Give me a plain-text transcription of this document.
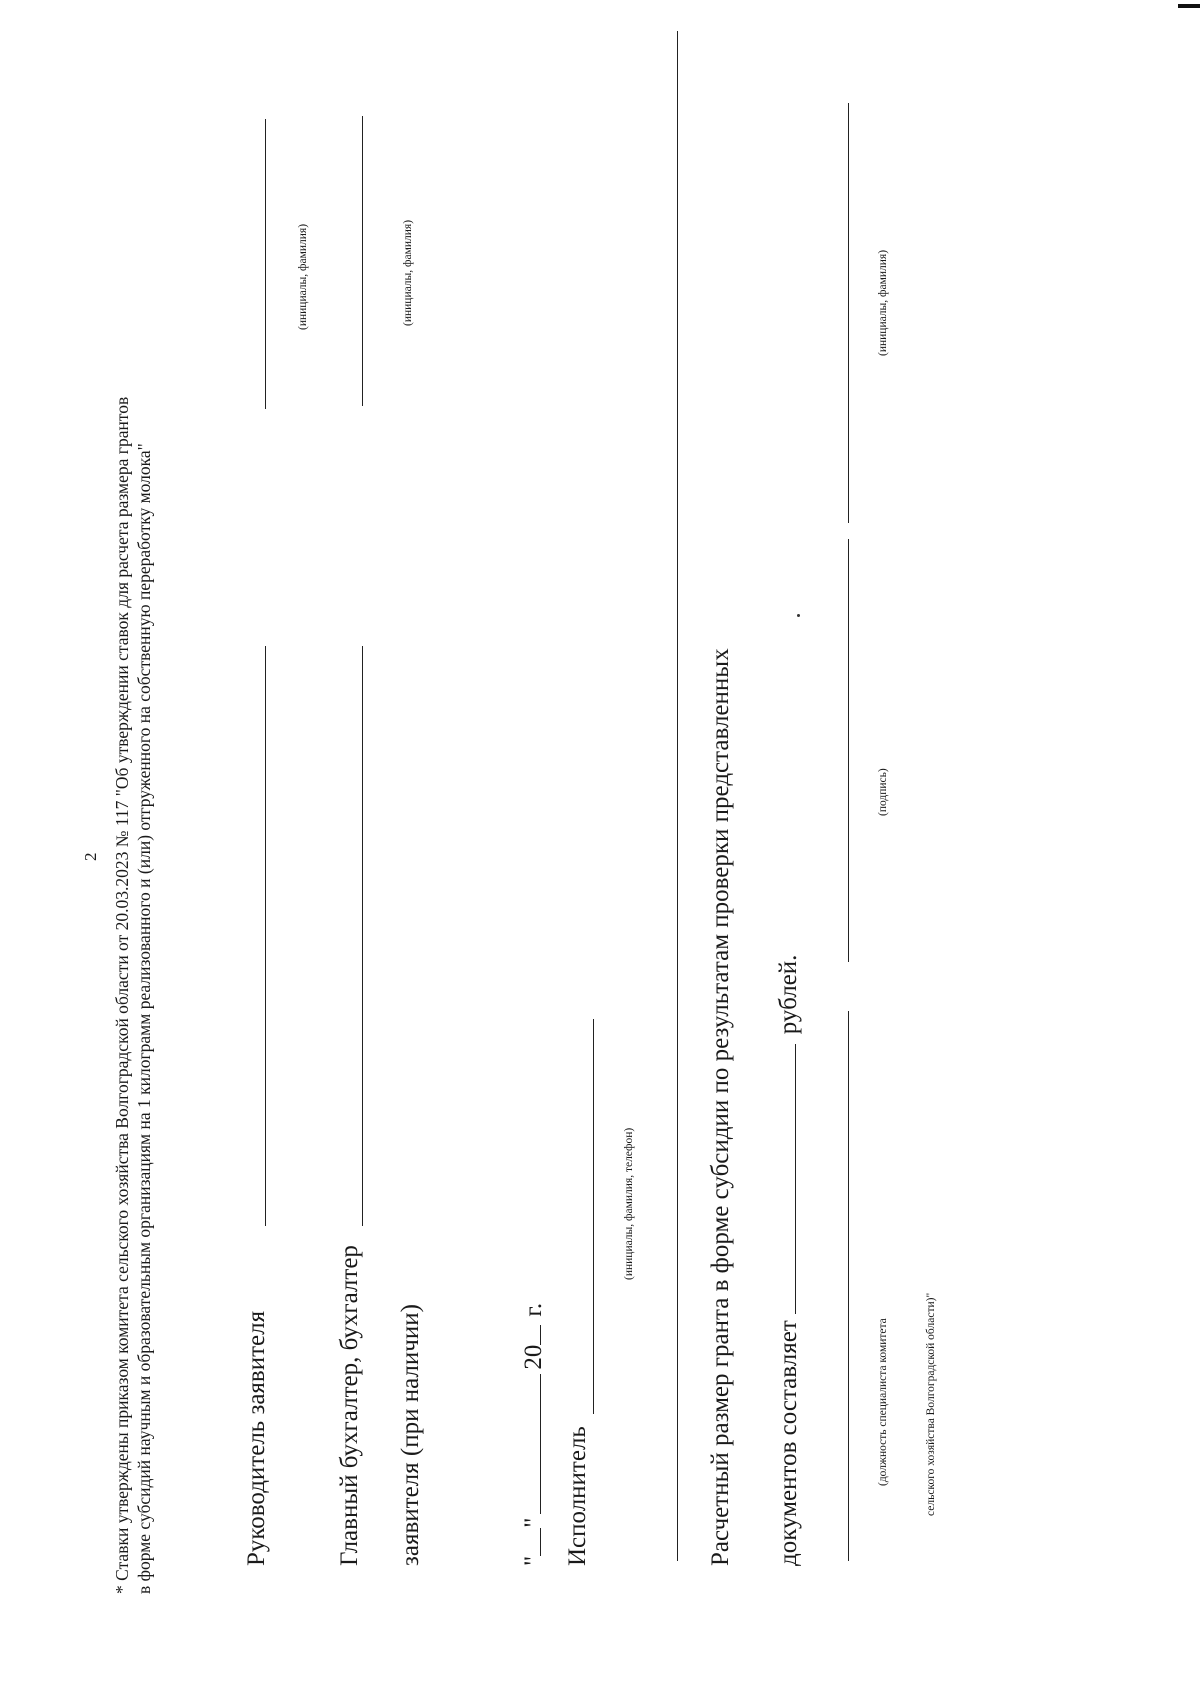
2 * Ставки утверждены приказом комитета сельского хозяйства Волгоградской области от 20.03.2023 № 117 "Об утверждении ставок для расчета размера грантов в форме субсидий научным и образовательным организациям на 1 килограмм реализованного и (или) отгруженного на собственную переработку молока"	Руководитель заявителя
(инициалы, фамилия)
Главный бухгалтер, бухгалтер
(инициалы, фамилия)
заявителя (при наличии)	""20г.
Исполнитель
(инициалы, фамилия, телефон)	Расчетный размер гранта в форме субсидии по результатам проверки представленных документов составляетрублей.
(должность специалиста комитета	сельского хозяйства Волгоградской области)"
(подпись)
(инициалы, фамилия)
